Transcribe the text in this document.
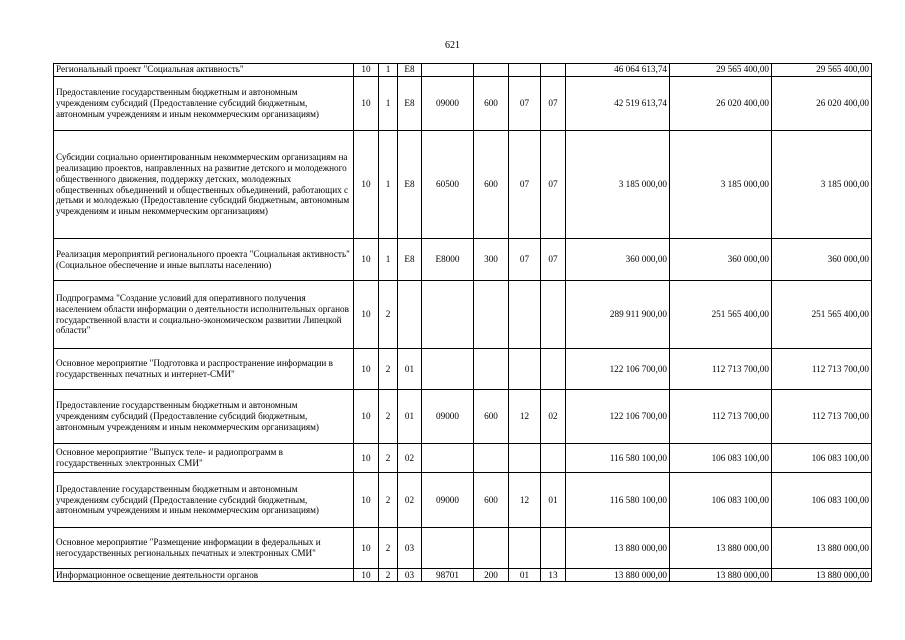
621
Региональный проект "Социальная активность"	10	1	E8					46 064 613,74	29 565 400,00	29 565 400,00
Предоставление государственным бюджетным и автономным учреждениям субсидий (Предоставление субсидий бюджетным, автономным учреждениям и иным некоммерческим организациям)	10	1	E8	09000	600	07	07	42 519 613,74	26 020 400,00	26 020 400,00
Субсидии социально ориентированным некоммерческим организациям на реализацию проектов, направленных на развитие детского и молодежного общественного движения, поддержку детских, молодежных общественных объединений и общественных объединений, работающих с детьми и молодежью (Предоставление субсидий бюджетным, автономным учреждениям и иным некоммерческим организациям)	10	1	E8	60500	600	07	07	3 185 000,00	3 185 000,00	3 185 000,00
Реализация мероприятий регионального проекта "Социальная активность" (Социальное обеспечение и иные выплаты населению)	10	1	E8	E8000	300	07	07	360 000,00	360 000,00	360 000,00
Подпрограмма "Создание условий для оперативного получения населением области информации о деятельности исполнительных органов государственной власти и социально-экономическом развитии Липецкой области"	10	2						289 911 900,00	251 565 400,00	251 565 400,00
Основное мероприятие "Подготовка и распространение информации в государственных печатных и интернет-СМИ"	10	2	01					122 106 700,00	112 713 700,00	112 713 700,00
Предоставление государственным бюджетным и автономным учреждениям субсидий (Предоставление субсидий бюджетным, автономным учреждениям и иным некоммерческим организациям)	10	2	01	09000	600	12	02	122 106 700,00	112 713 700,00	112 713 700,00
Основное мероприятие "Выпуск теле- и радиопрограмм в государственных электронных СМИ"	10	2	02					116 580 100,00	106 083 100,00	106 083 100,00
Предоставление государственным бюджетным и автономным учреждениям субсидий (Предоставление субсидий бюджетным, автономным учреждениям и иным некоммерческим организациям)	10	2	02	09000	600	12	01	116 580 100,00	106 083 100,00	106 083 100,00
Основное мероприятие "Размещение информации в федеральных и негосударственных региональных печатных и электронных СМИ"	10	2	03					13 880 000,00	13 880 000,00	13 880 000,00
Информационное освещение деятельности органов	10	2	03	98701	200	01	13	13 880 000,00	13 880 000,00	13 880 000,00
